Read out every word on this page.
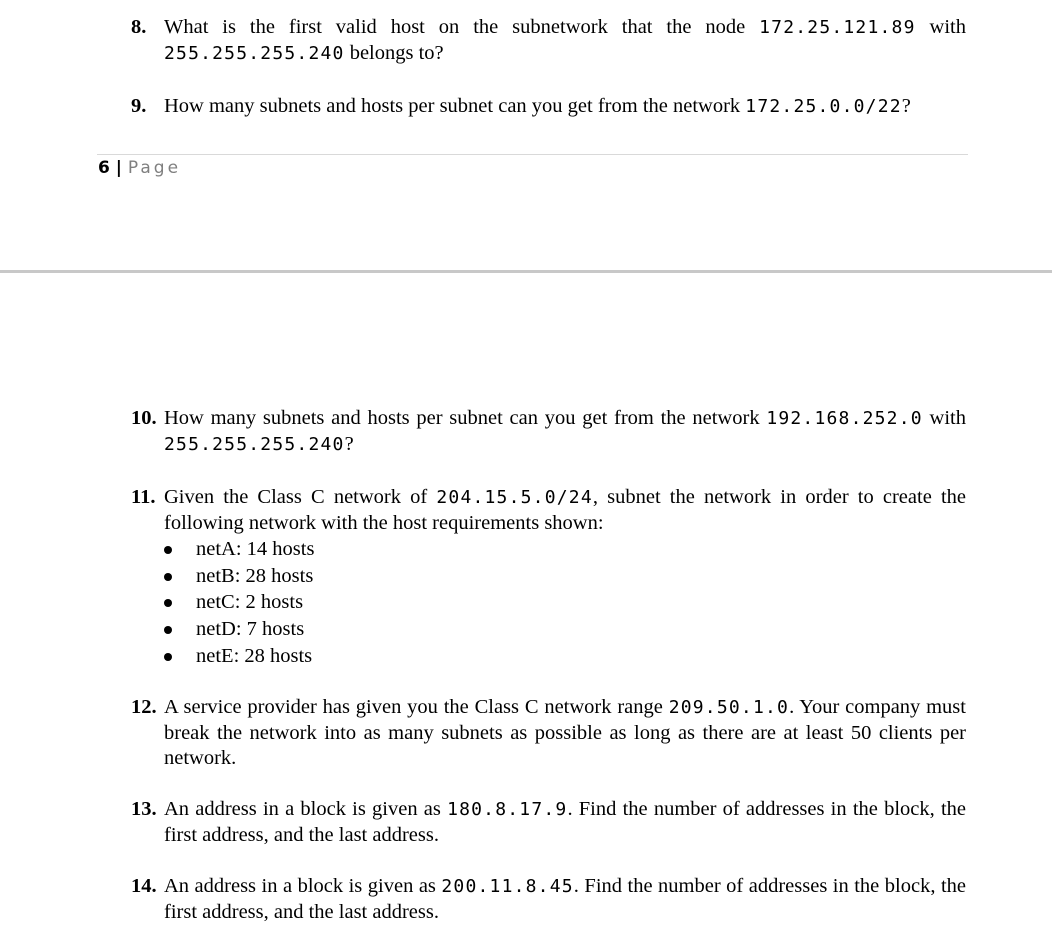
8. What is the first valid host on the subnetwork that the node 172.25.121.89 with 255.255.255.240 belongs to?
9. How many subnets and hosts per subnet can you get from the network 172.25.0.0/22?
6 | Page
10. How many subnets and hosts per subnet can you get from the network 192.168.252.0 with 255.255.255.240?
11. Given the Class C network of 204.15.5.0/24, subnet the network in order to create the following network with the host requirements shown:
netA: 14 hosts
netB: 28 hosts
netC: 2 hosts
netD: 7 hosts
netE: 28 hosts
12. A service provider has given you the Class C network range 209.50.1.0. Your company must break the network into as many subnets as possible as long as there are at least 50 clients per network.
13. An address in a block is given as 180.8.17.9. Find the number of addresses in the block, the first address, and the last address.
14. An address in a block is given as 200.11.8.45. Find the number of addresses in the block, the first address, and the last address.
